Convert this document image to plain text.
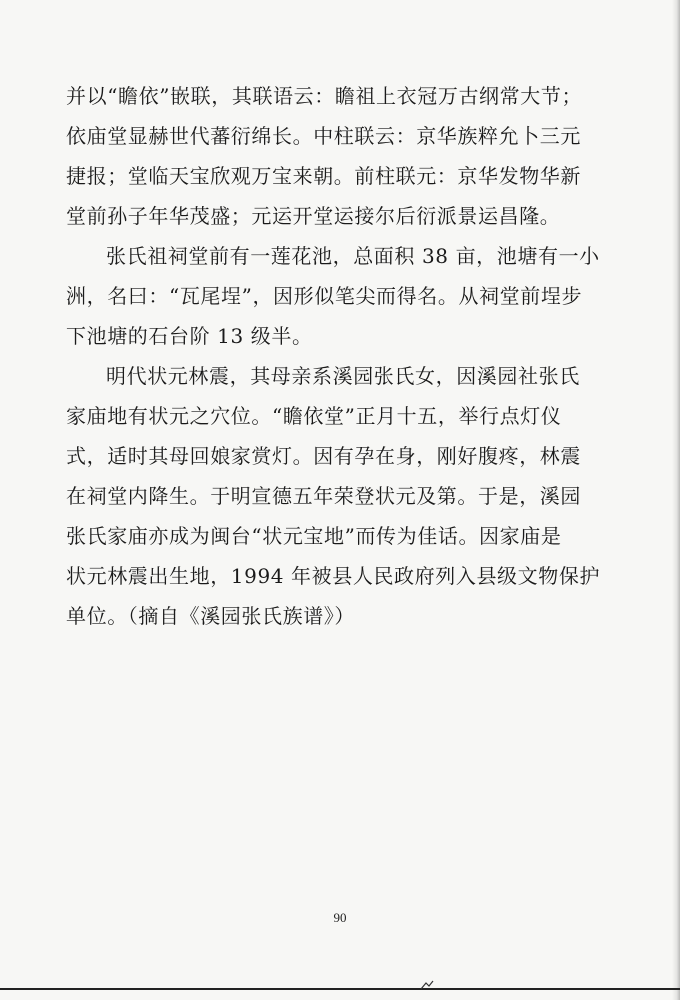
并以“瞻依”嵌联，其联语云：瞻祖上衣冠万古纲常大节；
依庙堂显赫世代蕃衍绵长。中柱联云：京华族粹允卜三元
捷报；堂临天宝欣观万宝来朝。前柱联元：京华发物华新
堂前孙子年华茂盛；元运开堂运接尔后衍派景运昌隆。
张氏祖祠堂前有一莲花池，总面积 38 亩，池塘有一小
洲，名曰：“瓦尾埕”，因形似笔尖而得名。从祠堂前埕步
下池塘的石台阶 13 级半。
明代状元林震，其母亲系溪园张氏女，因溪园社张氏
家庙地有状元之穴位。“瞻依堂”正月十五，举行点灯仪
式，适时其母回娘家赏灯。因有孕在身，刚好腹疼，林震
在祠堂内降生。于明宣德五年荣登状元及第。于是，溪园
张氏家庙亦成为闽台“状元宝地”而传为佳话。因家庙是
状元林震出生地，1994 年被县人民政府列入县级文物保护
单位。（摘自《溪园张氏族谱》）
90
